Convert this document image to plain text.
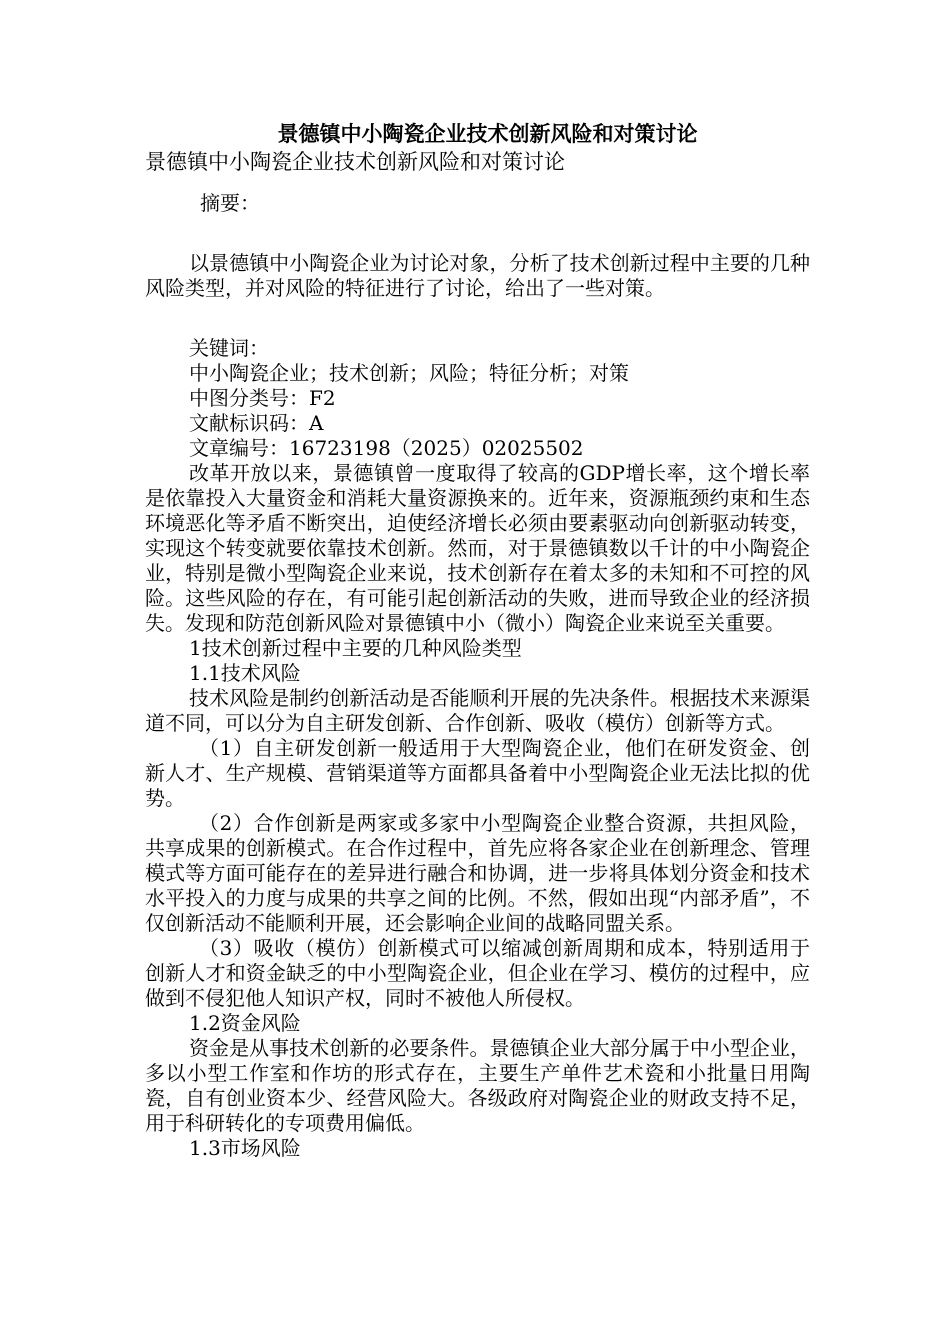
景德镇中小陶瓷企业技术创新风险和对策讨论

景德镇中小陶瓷企业技术创新风险和对策讨论

摘要：

以景德镇中小陶瓷企业为讨论对象，分析了技术创新过程中主要的几种风险类型，并对风险的特征进行了讨论，给出了一些对策。

关键词：

中小陶瓷企业；技术创新；风险；特征分析；对策

中图分类号：F2

文献标识码：A

文章编号：16723198（2025）02025502

改革开放以来，景德镇曾一度取得了较高的GDP增长率，这个增长率是依靠投入大量资金和消耗大量资源换来的。近年来，资源瓶颈约束和生态环境恶化等矛盾不断突出，迫使经济增长必须由要素驱动向创新驱动转变，实现这个转变就要依靠技术创新。然而，对于景德镇数以千计的中小陶瓷企业，特别是微小型陶瓷企业来说，技术创新存在着太多的未知和不可控的风险。这些风险的存在，有可能引起创新活动的失败，进而导致企业的经济损失。发现和防范创新风险对景德镇中小（微小）陶瓷企业来说至关重要。

1技术创新过程中主要的几种风险类型

1.1技术风险

技术风险是制约创新活动是否能顺利开展的先决条件。根据技术来源渠道不同，可以分为自主研发创新、合作创新、吸收（模仿）创新等方式。

（1）自主研发创新一般适用于大型陶瓷企业，他们在研发资金、创新人才、生产规模、营销渠道等方面都具备着中小型陶瓷企业无法比拟的优势。

（2）合作创新是两家或多家中小型陶瓷企业整合资源，共担风险，共享成果的创新模式。在合作过程中，首先应将各家企业在创新理念、管理模式等方面可能存在的差异进行融合和协调，进一步将具体划分资金和技术水平投入的力度与成果的共享之间的比例。不然，假如出现“内部矛盾”，不仅创新活动不能顺利开展，还会影响企业间的战略同盟关系。

（3）吸收（模仿）创新模式可以缩减创新周期和成本，特别适用于创新人才和资金缺乏的中小型陶瓷企业，但企业在学习、模仿的过程中，应做到不侵犯他人知识产权，同时不被他人所侵权。

1.2资金风险

资金是从事技术创新的必要条件。景德镇企业大部分属于中小型企业，多以小型工作室和作坊的形式存在，主要生产单件艺术瓷和小批量日用陶瓷，自有创业资本少、经营风险大。各级政府对陶瓷企业的财政支持不足，用于科研转化的专项费用偏低。

1.3市场风险
